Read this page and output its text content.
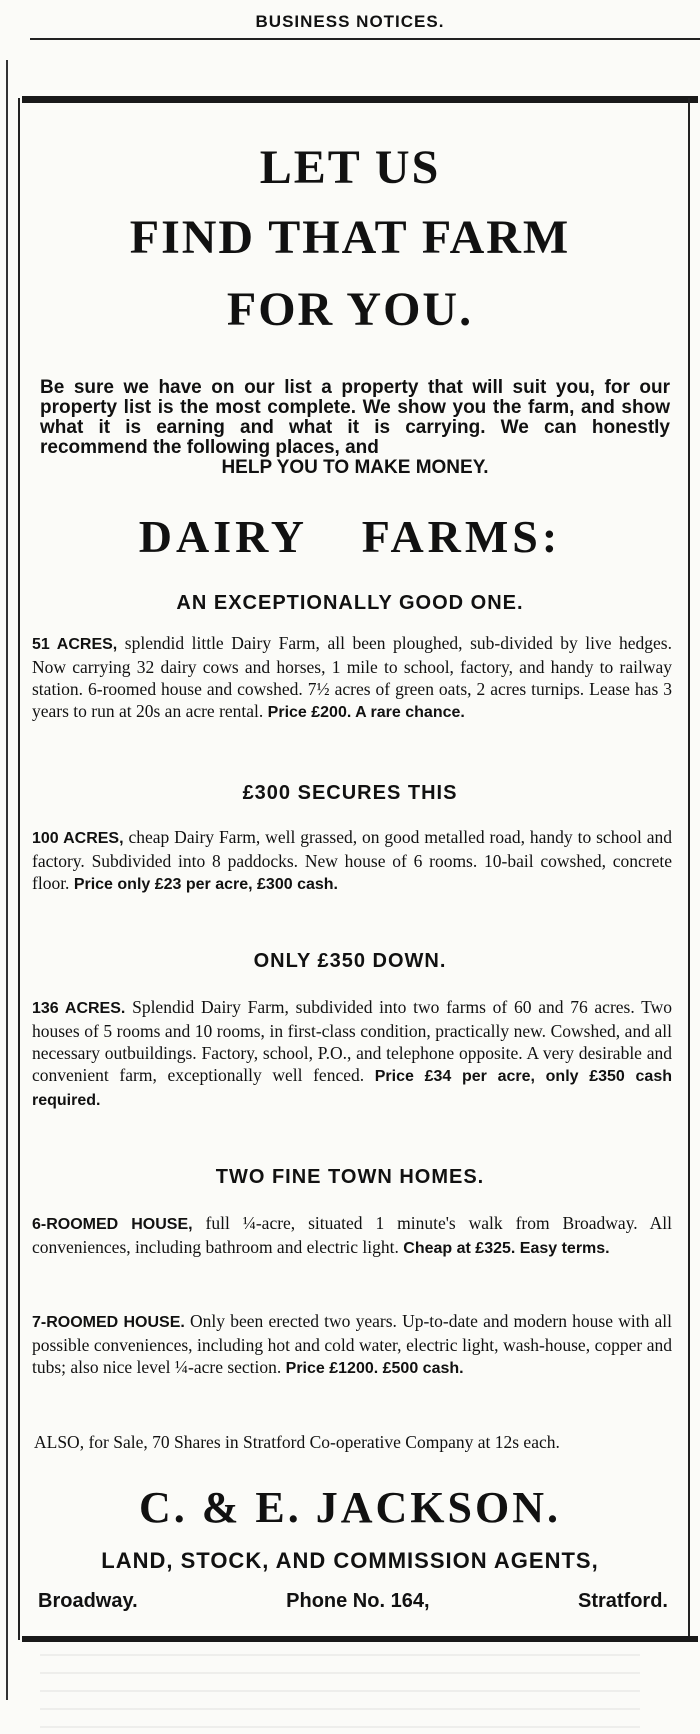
BUSINESS NOTICES.
LET US
FIND THAT FARM
FOR YOU.
Be sure we have on our list a property that will suit you, for our property list is the most complete. We show you the farm, and show what it is earning and what it is carrying. We can honestly recommend the following places, and
HELP YOU TO MAKE MONEY.
DAIRY FARMS:
AN EXCEPTIONALLY GOOD ONE.
51 ACRES, splendid little Dairy Farm, all been ploughed, sub-divided by live hedges. Now carrying 32 dairy cows and horses, 1 mile to school, factory, and handy to railway station. 6-roomed house and cowshed. 7½ acres of green oats, 2 acres turnips. Lease has 3 years to run at 20s an acre rental. Price £200. A rare chance.
£300 SECURES THIS
100 ACRES, cheap Dairy Farm, well grassed, on good metalled road, handy to school and factory. Subdivided into 8 paddocks. New house of 6 rooms. 10-bail cowshed, concrete floor. Price only £23 per acre, £300 cash.
ONLY £350 DOWN.
136 ACRES. Splendid Dairy Farm, subdivided into two farms of 60 and 76 acres. Two houses of 5 rooms and 10 rooms, in first-class condition, practically new. Cowshed, and all necessary outbuildings. Factory, school, P.O., and telephone opposite. A very desirable and convenient farm, exceptionally well fenced. Price £34 per acre, only £350 cash required.
TWO FINE TOWN HOMES.
6-ROOMED HOUSE, full ¼-acre, situated 1 minute's walk from Broadway. All conveniences, including bathroom and electric light. Cheap at £325. Easy terms.
7-ROOMED HOUSE. Only been erected two years. Up-to-date and modern house with all possible conveniences, including hot and cold water, electric light, wash-house, copper and tubs; also nice level ¼-acre section. Price £1200. £500 cash.
ALSO, for Sale, 70 Shares in Stratford Co-operative Company at 12s each.
C. & E. JACKSON.
LAND, STOCK, AND COMMISSION AGENTS,
Broadway.	Phone No. 164,	Stratford.
